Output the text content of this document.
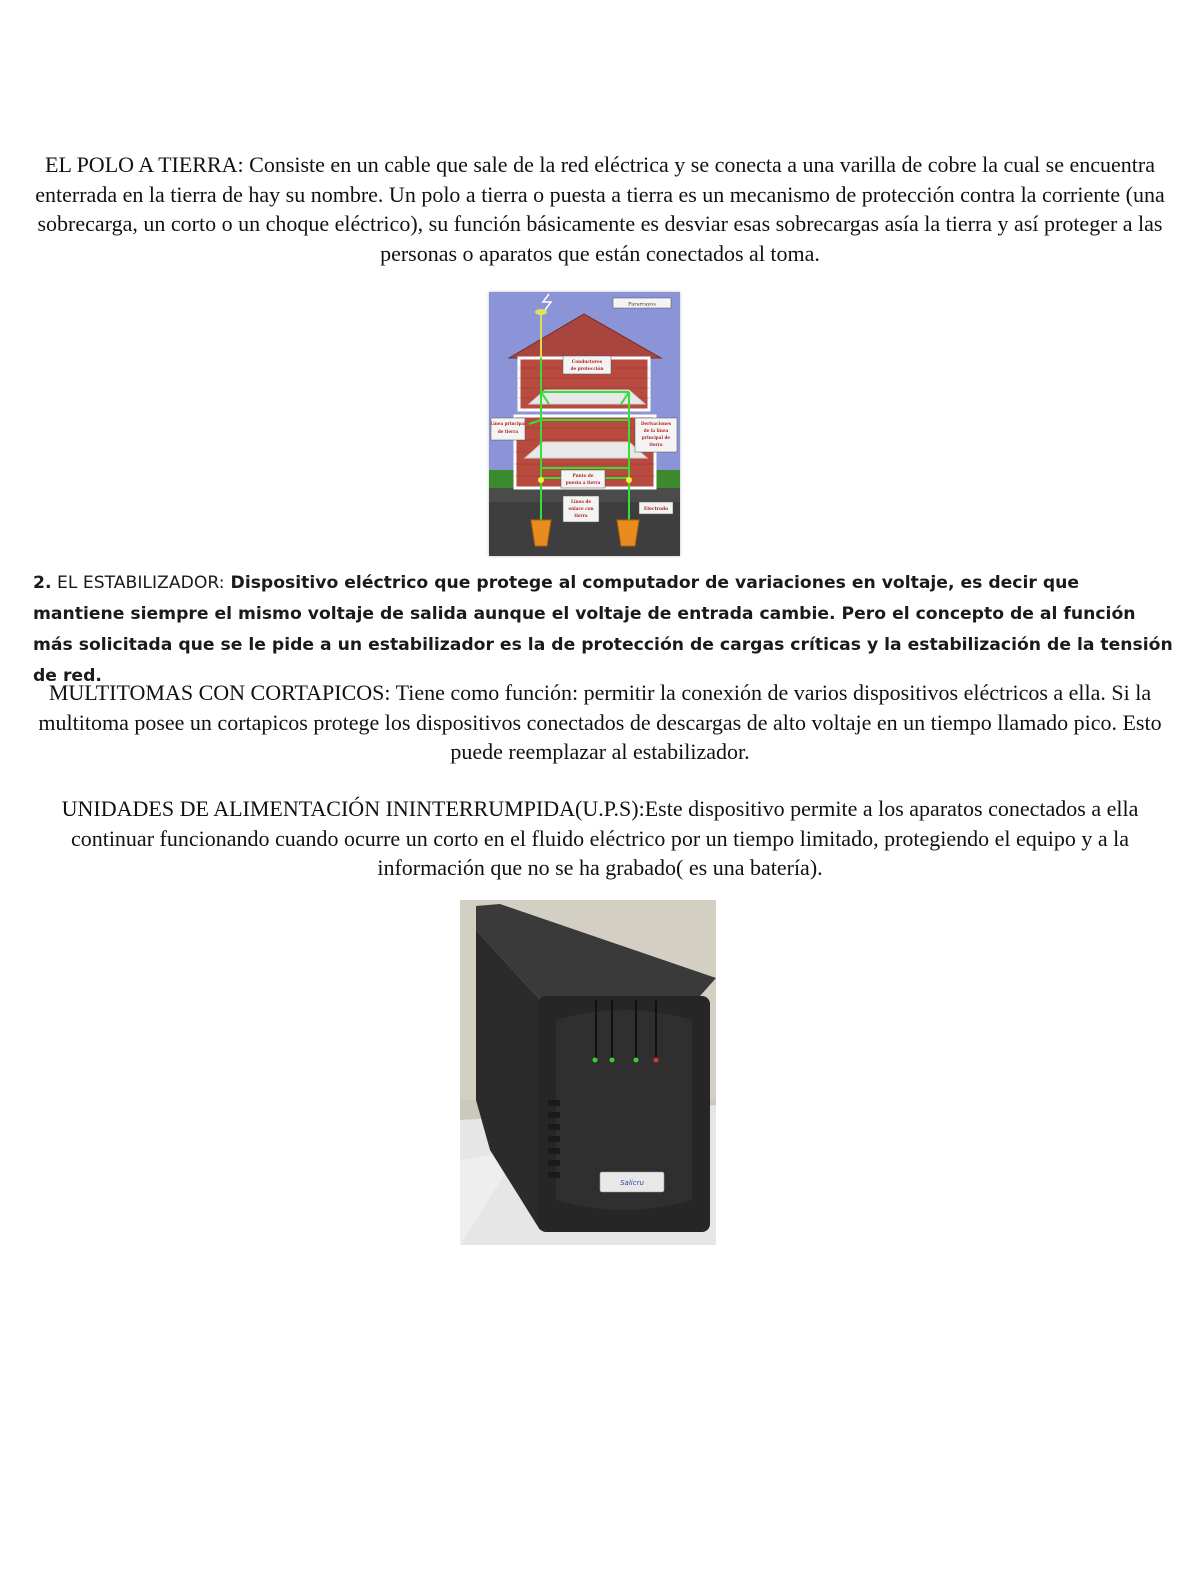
EL POLO A TIERRA: Consiste en un cable que sale de la red eléctrica y se conecta a una varilla de cobre la cual se encuentra enterrada en la tierra de hay su nombre. Un polo a tierra o puesta a tierra es un mecanismo de protección contra la corriente (una sobrecarga, un corto o un choque eléctrico), su función básicamente es desviar esas sobrecargas asía la tierra y así proteger a las personas o aparatos que están conectados al toma.

Pararrayos
Conductores
de protección
Línea principal
de tierra
Derivaciones
de la línea
principal de
tierra
Punto de
puesta a tierra
Línea de
enlace con
tierra
Electrodo

2. EL ESTABILIZADOR: Dispositivo eléctrico que protege al computador de variaciones en voltaje, es decir que mantiene siempre el mismo voltaje de salida aunque el voltaje de entrada cambie. Pero el concepto de al función más solicitada que se le pide a un estabilizador es la de protección de cargas críticas y la estabilización de la tensión de red.

MULTITOMAS CON CORTAPICOS: Tiene como función: permitir la conexión de varios dispositivos eléctricos a ella. Si la multitoma posee un cortapicos protege los dispositivos conectados de descargas de alto voltaje en un tiempo llamado pico. Esto puede reemplazar al estabilizador.

UNIDADES DE ALIMENTACIÓN ININTERRUMPIDA(U.P.S):Este dispositivo permite a los aparatos conectados a ella continuar funcionando cuando ocurre un corto en el fluido eléctrico por un tiempo limitado, protegiendo el equipo y a la información que no se ha grabado( es una batería).

Salicru
